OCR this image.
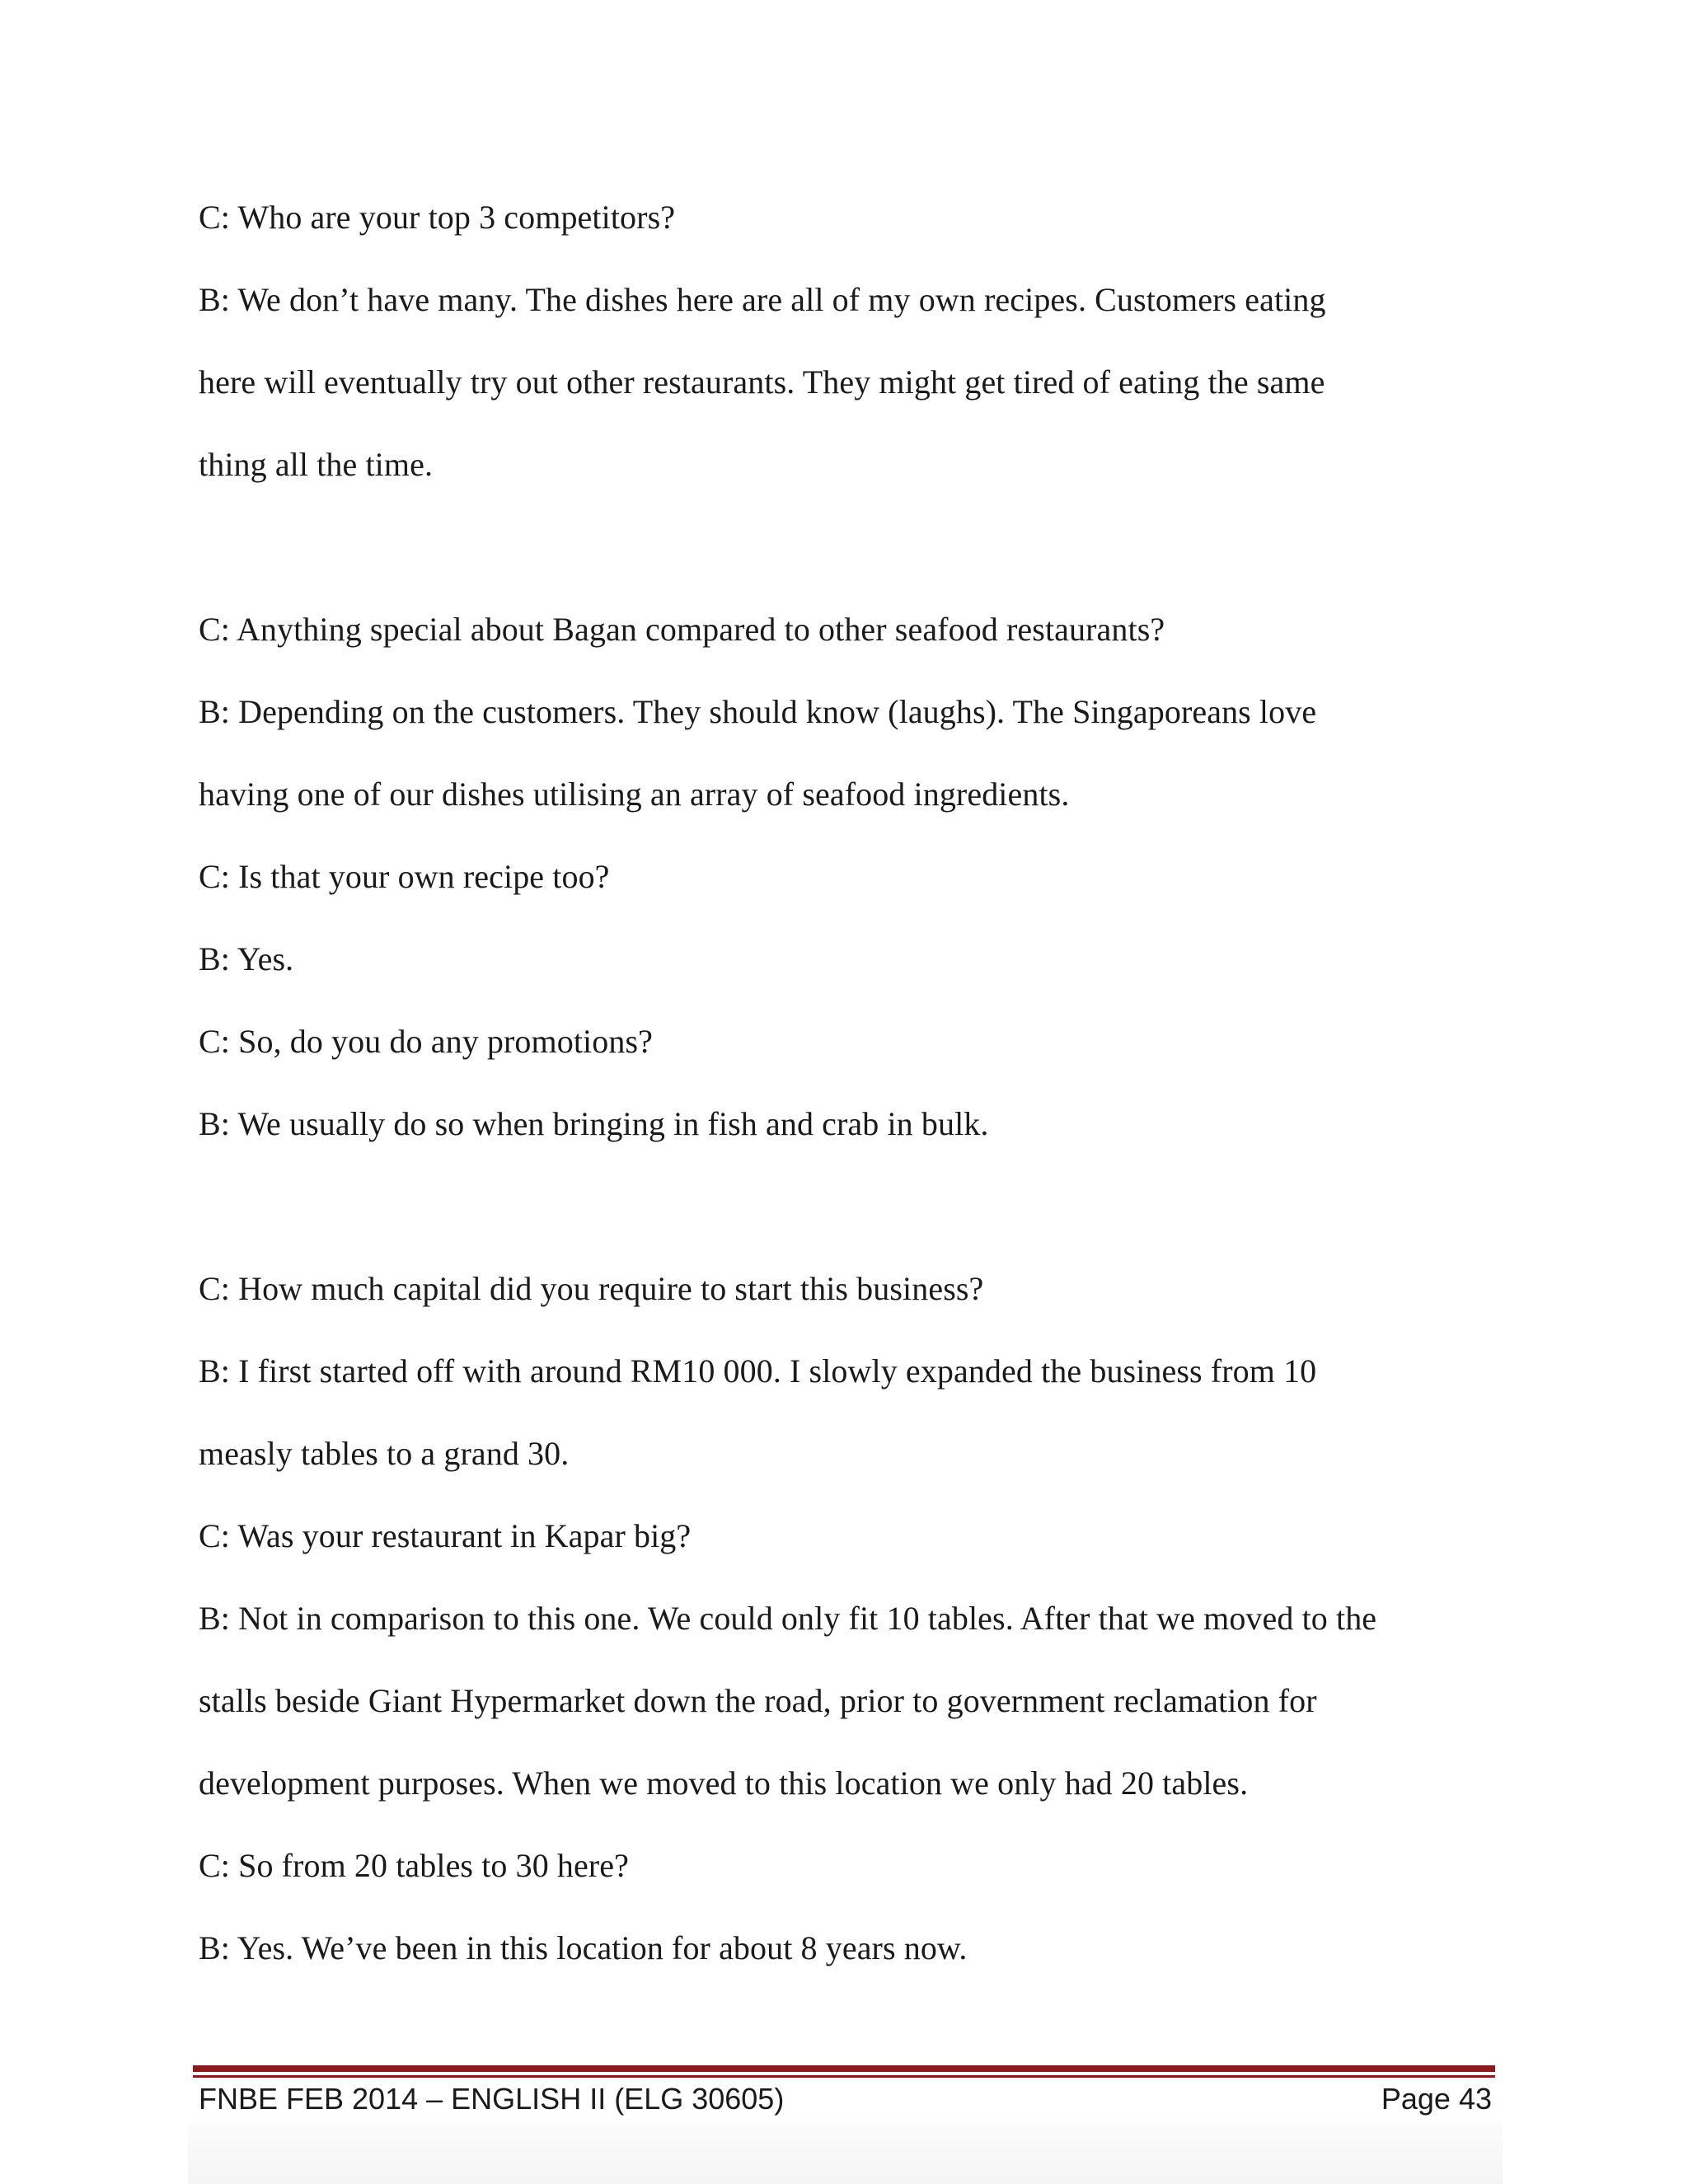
C: Who are your top 3 competitors?
B: We don’t have many. The dishes here are all of my own recipes. Customers eating
here will eventually try out other restaurants. They might get tired of eating the same
thing all the time.
C: Anything special about Bagan compared to other seafood restaurants?
B: Depending on the customers. They should know (laughs). The Singaporeans love
having one of our dishes utilising an array of seafood ingredients.
C: Is that your own recipe too?
B: Yes.
C: So, do you do any promotions?
B: We usually do so when bringing in fish and crab in bulk.
C: How much capital did you require to start this business?
B: I first started off with around RM10 000. I slowly expanded the business from 10
measly tables to a grand 30.
C: Was your restaurant in Kapar big?
B: Not in comparison to this one. We could only fit 10 tables. After that we moved to the
stalls beside Giant Hypermarket down the road, prior to government reclamation for
development purposes. When we moved to this location we only had 20 tables.
C: So from 20 tables to 30 here?
B: Yes. We’ve been in this location for about 8 years now.
FNBE FEB 2014 – ENGLISH II (ELG 30605)	Page 43
